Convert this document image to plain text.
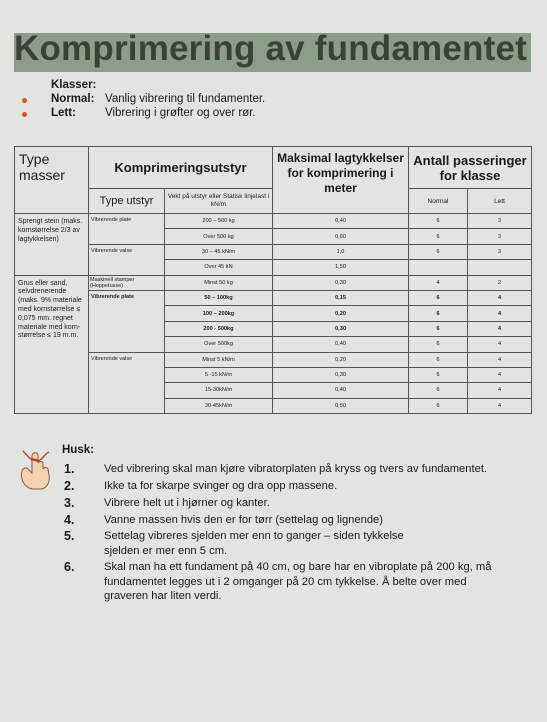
Komprimering av fundamentet
Klasser:
Normal: Vanlig vibrering til fundamenter.
Lett:	Vibrering i grøfter og over rør.
Type masser	Komprimeringsutstyr		Maksimal lagtykkelser for komprimering i meter	Antall passeringer for klasse	
	Type utstyr	Vekt på utstyr eller Statisk linjelast i kN/m		Normal	Lett
Sprengt stein (maks. kornstørrelse 2/3 av lagtykkelsen)	Vibrerende plate	200 – 500 kg	0,40	6	3
		Over 500 kg	0,60	6	3
	Vibrerende valse	30 – 45 kN/m	1,0	6	3
		Over 45 kN	1,50		
Grus eller sand, selvdrenerende (maks. 9% materiale med kornstørrelse ≤ 0,075 mm. regnet materiale med korn-størrelse ≤ 19 m.m.	Maskinell stamper (Hoppetusse)	Minst 50 kg	0,30	4	2
	Vibrerende plate	50 – 100kg	0,15	6	4
		100 – 200kg	0,20	6	4
		200 - 500kg	0,30	6	4
		Over 500kg	0,40	6	4
	Vibrerende valse	Minst 5 kN/m	0,20	6	4
		5 -15 kN/m	0,30	6	4
		15-30kN/m	0,40	6	4
		30-45kN/m	0,50	6	4
Husk:
1.	Ved vibrering skal man kjøre vibratorplaten på kryss og tvers av fundamentet.
2.	Ikke ta for skarpe svinger og dra opp massene.
3.	Vibrere helt ut i hjørner og kanter.
4.	Vanne massen hvis den er for tørr (settelag og lignende)
5.	Settelag vibreres sjelden mer enn to ganger – siden tykkelse sjelden er mer enn 5 cm.
6.	Skal man ha ett fundament på 40 cm, og bare har en vibroplate på 200 kg, må fundamentet legges ut i 2 omganger på 20 cm tykkelse. Å belte over med graveren har liten verdi.
